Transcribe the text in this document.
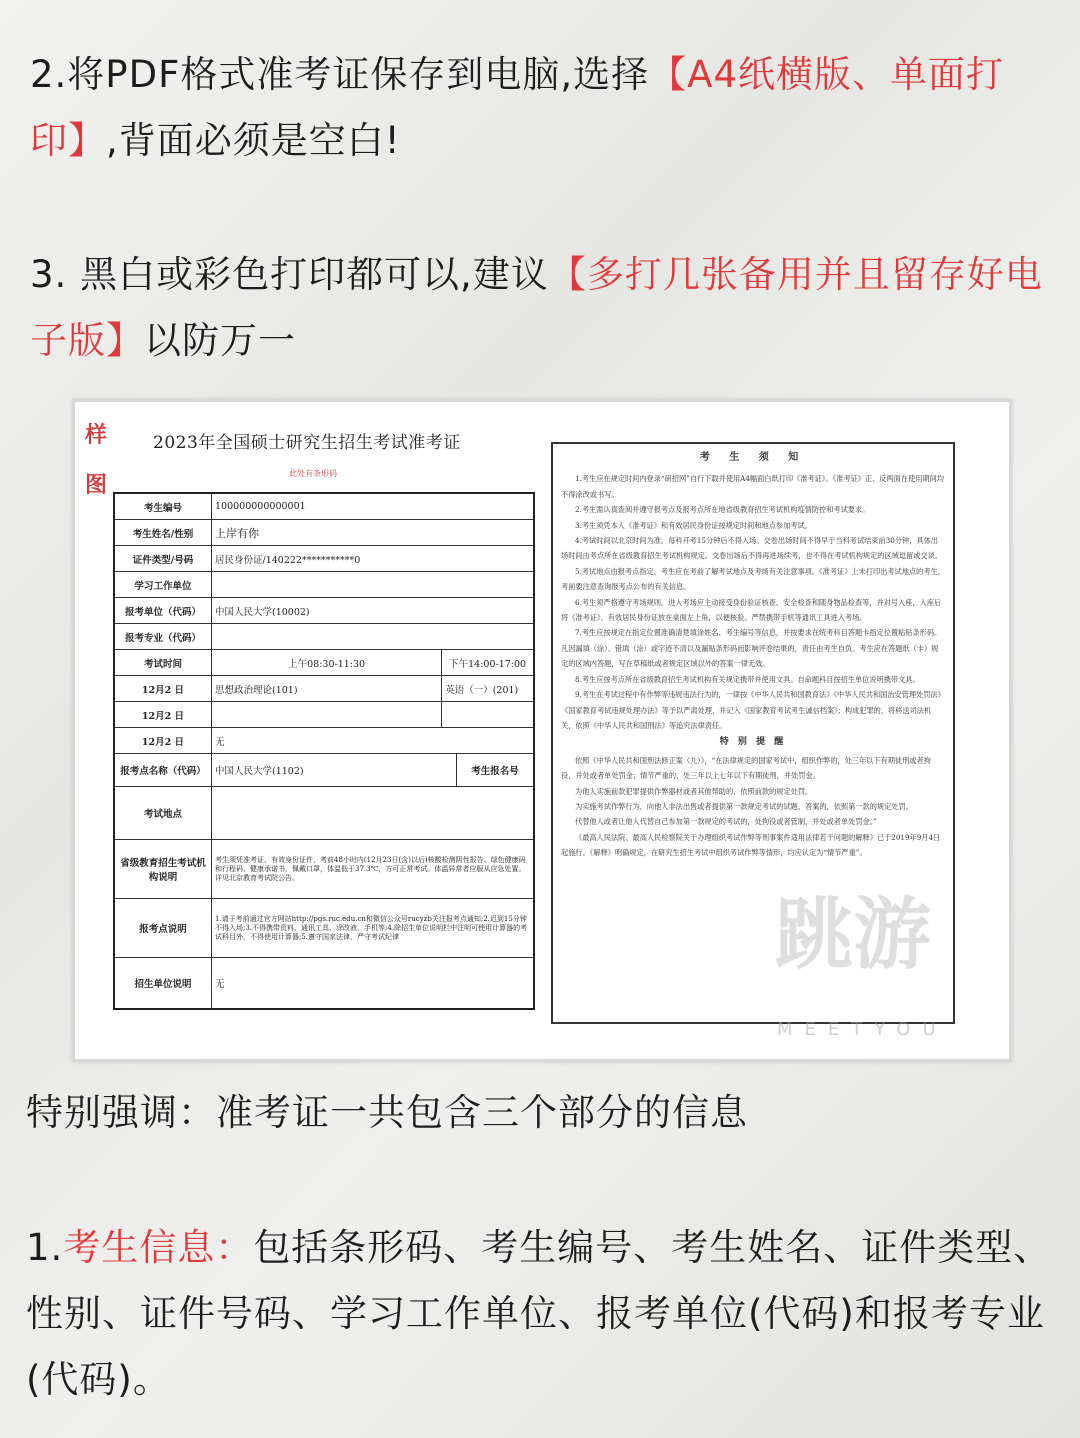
2.将PDF格式准考证保存到电脑,选择【A4纸横版、单面打印】,背面必须是空白!
3. 黑白或彩色打印都可以,建议【多打几张备用并且留存好电子版】以防万一
样图
2023年全国硕士研究生招生考试准考证
此处有条形码
考生编号	100000000000001		
考生姓名/性别	上岸有你		
证件类型/号码	居民身份证/140222***********0		
学习工作单位			
报考单位（代码）	中国人民大学(10002)		
报考专业（代码）			
考试时间	上午08:30-11:30	下午14:00-17:00	
12月2 日	思想政治理论(101)	英语（一）(201)	
12月2 日			
12月2 日	无		
报考点名称（代码）	中国人民大学(1102)		考生报名号
考试地点			
省级教育招生考试机构说明	考生须凭准考证、有效身份证件，考前48小时内(12月23日(含)以后)核酸检测阴性报告、绿色健康码和行程码、健康承诺书，佩戴口罩，体温低于37.3℃，方可正常考试。体温异常者应服从应急处置。详见北京教育考试院公告。		
报考点说明	1.请于考前通过官方网站http://pgs.ruc.edu.cn和微信公众号rucyzb关注报考点通知;2.迟到15分钟不得入场;3.不得携带资料、通讯工具、涂改液、手机等;4.除招生单位说明栏中注明可使用计算器的考试科目外，不得使用计算器;5.遵守国家法律，严守考试纪律		
招生单位说明	无		
考 生 须 知

1.考生应在规定时间内登录“研招网”自行下载并使用A4幅面白纸打印《准考证》。《准考证》正、反两面在使用期间均不得涂改或书写。

2.考生需认真查阅并遵守报考点及报考点所在地省级教育招生考试机构疫情防控和考试要求。

3.考生须凭本人《准考证》和有效居民身份证按规定时间和地点参加考试。

4.考试时间以北京时间为准。每科开考15分钟后不得入场。交卷出场时间不得早于当科考试结束前30分钟，具体出场时间由考点所在省级教育招生考试机构规定。交卷出场后不得再进场续考，也不得在考试机构规定的区域逗留或交谈。

5.考试地点由报考点指定。考生应在考前了解考试地点及考场有关注意事项。《准考证》上未打印出考试地点的考生，考前要注意查询报考点公布的有关信息。

6.考生须严格遵守考场规则。进入考场应主动接受身份验证核查、安全检查和随身物品检查等，并对号入座，入座后将《准考证》、有效居民身份证放在桌面左上角，以便核验。严禁携带手机等通讯工具进入考场。

7.考生应按规定在指定位置准确清楚填涂姓名、考生编号等信息，并按要求在统考科目答题卡指定位置粘贴条形码。凡因漏填（涂）、错填（涂）或字迹不清以及漏贴条形码而影响评卷结果的，责任由考生自负。考生应在答题纸（卡）规定的区域内答题，写在草稿纸或者规定区域以外的答案一律无效。

8.考生应按考点所在省级教育招生考试机构有关规定携带并使用文具。自命题科目按招生单位说明携带文具。

9.考生在考试过程中有作弊等违规违法行为的，一律按《中华人民共和国教育法》《中华人民共和国治安管理处罚法》《国家教育考试违规处理办法》等予以严肃处理，并记入《国家教育考试考生诚信档案》；构成犯罪的，将移送司法机关，依照《中华人民共和国刑法》等追究法律责任。

特 别 提 醒

依照《中华人民共和国刑法修正案（九）》，“在法律规定的国家考试中，组织作弊的，处三年以下有期徒刑或者拘役，并处或者单处罚金；情节严重的，处三年以上七年以下有期徒刑，并处罚金。

为他人实施前款犯罪提供作弊器材或者其他帮助的，依照前款的规定处罚。

为实施考试作弊行为，向他人非法出售或者提供第一款规定考试的试题、答案的，依照第一款的规定处罚。

代替他人或者让他人代替自己参加第一款规定的考试的，处拘役或者管制，并处或者单处罚金。”

《最高人民法院、最高人民检察院关于办理组织考试作弊等刑事案件适用法律若干问题的解释》已于2019年9月4日起施行。《解释》明确规定，在研究生招生考试中组织考试作弊等情形，均应认定为“情节严重”。

跳游
MEETYOU
特别强调：准考证一共包含三个部分的信息
1.考生信息：包括条形码、考生编号、考生姓名、证件类型、性别、证件号码、学习工作单位、报考单位(代码)和报考专业(代码)。
